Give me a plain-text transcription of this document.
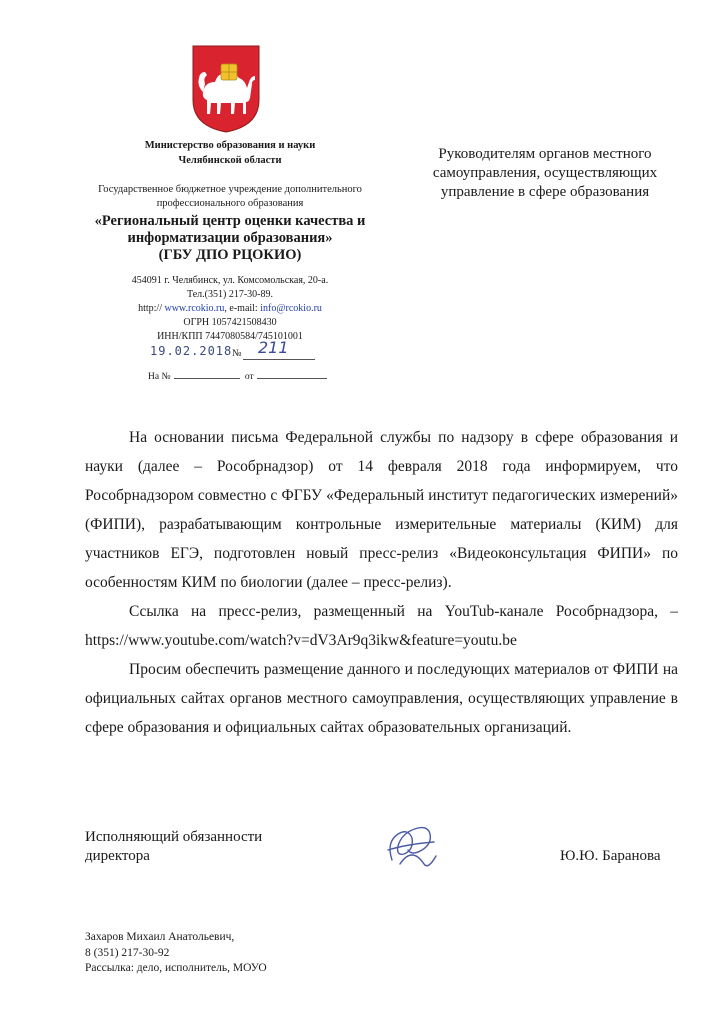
Министерство образования и науки
Челябинской области
Государственное бюджетное учреждение дополнительного
профессионального образования
«Региональный центр оценки качества и
информатизации образования»
(ГБУ ДПО РЦОКИО)
454091 г. Челябинск, ул. Комсомольская, 20-а.
Тел.(351) 217-30-89.
http:// www.rcokio.ru, e-mail: info@rcokio.ru
ОГРН 1057421508430
ИНН/КПП 7447080584/745101001
19.02.2018 № 211
На №	от
Руководителям органов местного
самоуправления, осуществляющих
управление в сфере образования

На основании письма Федеральной службы по надзору в сфере образования и науки (далее – Рособрнадзор) от 14 февраля 2018 года информируем, что Рособрнадзором совместно с ФГБУ «Федеральный институт педагогических измерений» (ФИПИ), разрабатывающим контрольные измерительные материалы (КИМ) для участников ЕГЭ, подготовлен новый пресс-релиз «Видеоконсультация ФИПИ» по особенностям КИМ по биологии (далее – пресс-релиз).

Ссылка на пресс-релиз, размещенный на YouTub-канале Рособрнадзора, – https://www.youtube.com/watch?v=dV3Ar9q3ikw&feature=youtu.be

Просим обеспечить размещение данного и последующих материалов от ФИПИ на официальных сайтах органов местного самоуправления, осуществляющих управление в сфере образования и официальных сайтах образовательных организаций.

Исполняющий обязанности
директора	Ю.Ю. Баранова
Захаров Михаил Анатольевич,
8 (351) 217-30-92
Рассылка: дело, исполнитель, МОУО
